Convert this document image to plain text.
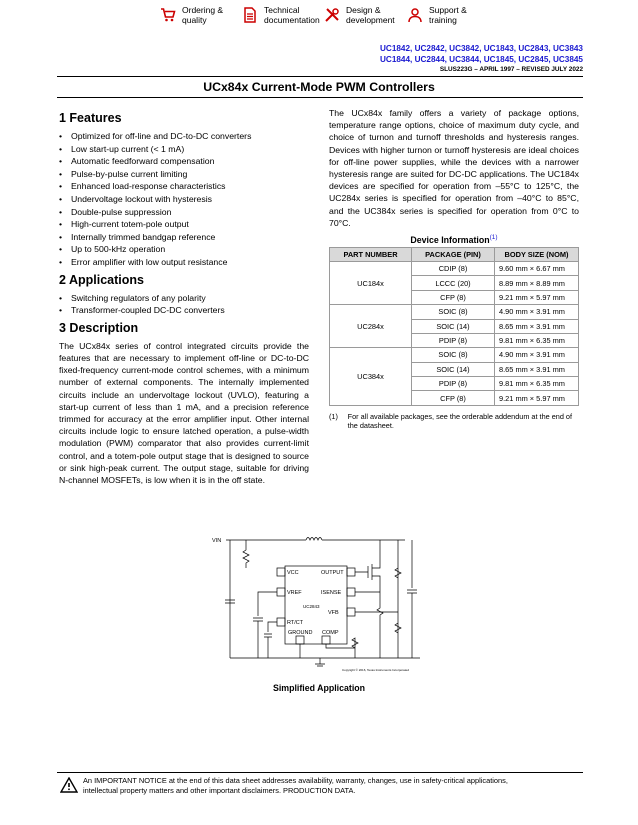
Ordering &
quality
Technical
documentation
Design &
development
Support &
training
UC1842, UC2842, UC3842, UC1843, UC2843, UC3843
UC1844, UC2844, UC3844, UC1845, UC2845, UC3845
SLUS223G – APRIL 1997 – REVISED JULY 2022
UCx84x Current-Mode PWM Controllers
1 Features
• Optimized for off-line and DC-to-DC converters
• Low start-up current (< 1 mA)
• Automatic feedforward compensation
• Pulse-by-pulse current limiting
• Enhanced load-response characteristics
• Undervoltage lockout with hysteresis
• Double-pulse suppression
• High-current totem-pole output
• Internally trimmed bandgap reference
• Up to 500-kHz operation
• Error amplifier with low output resistance
2 Applications
• Switching regulators of any polarity
• Transformer-coupled DC-DC converters
3 Description

The UCx84x series of control integrated circuits provide the features that are necessary to implement off-line or DC-to-DC fixed-frequency current-mode control schemes, with a minimum number of external components. The internally implemented circuits include an undervoltage lockout (UVLO), featuring a start-up current of less than 1 mA, and a precision reference trimmed for accuracy at the error amplifier input. Other internal circuits include logic to ensure latched operation, a pulse-width modulation (PWM) comparator that also provides current-limit control, and a totem-pole output stage that is designed to source or sink high-peak current. The output stage, suitable for driving N-channel MOSFETs, is low when it is in the off state.

The UCx84x family offers a variety of package options, temperature range options, choice of maximum duty cycle, and choice of turnon and turnoff thresholds and hysteresis ranges. Devices with higher turnon or turnoff hysteresis are ideal choices for off-line power supplies, while the devices with a narrower hysteresis range are suited for DC-DC applications. The UC184x devices are specified for operation from –55°C to 125°C, the UC284x series is specified for operation from –40°C to 85°C, and the UC384x series is specified for operation from 0°C to 70°C.

Device Information$^{(1)}$
PART NUMBER	PACKAGE (PIN)	BODY SIZE (NOM)
UC184x	CDIP (8)	9.60 mm × 6.67 mm
	LCCC (20)	8.89 mm × 8.89 mm
	CFP (8)	9.21 mm × 5.97 mm
UC284x	SOIC (8)	4.90 mm × 3.91 mm
	SOIC (14)	8.65 mm × 3.91 mm
	PDIP (8)	9.81 mm × 6.35 mm
UC384x	SOIC (8)	4.90 mm × 3.91 mm
	SOIC (14)	8.65 mm × 3.91 mm
	PDIP (8)	9.81 mm × 6.35 mm
	CFP (8)	9.21 mm × 5.97 mm
(1)	For all available packages, see the orderable addendum at the end of the datasheet.
VIN
VCC	OUTPUT
VREF	ISENSE
UC2843
VFB
RT/CT
GROUND COMP
Copyright © 2016, Texas Instruments Incorporated
Simplified Application
An IMPORTANT NOTICE at the end of this data sheet addresses availability, warranty, changes, use in safety-critical applications,
intellectual property matters and other important disclaimers. PRODUCTION DATA.
